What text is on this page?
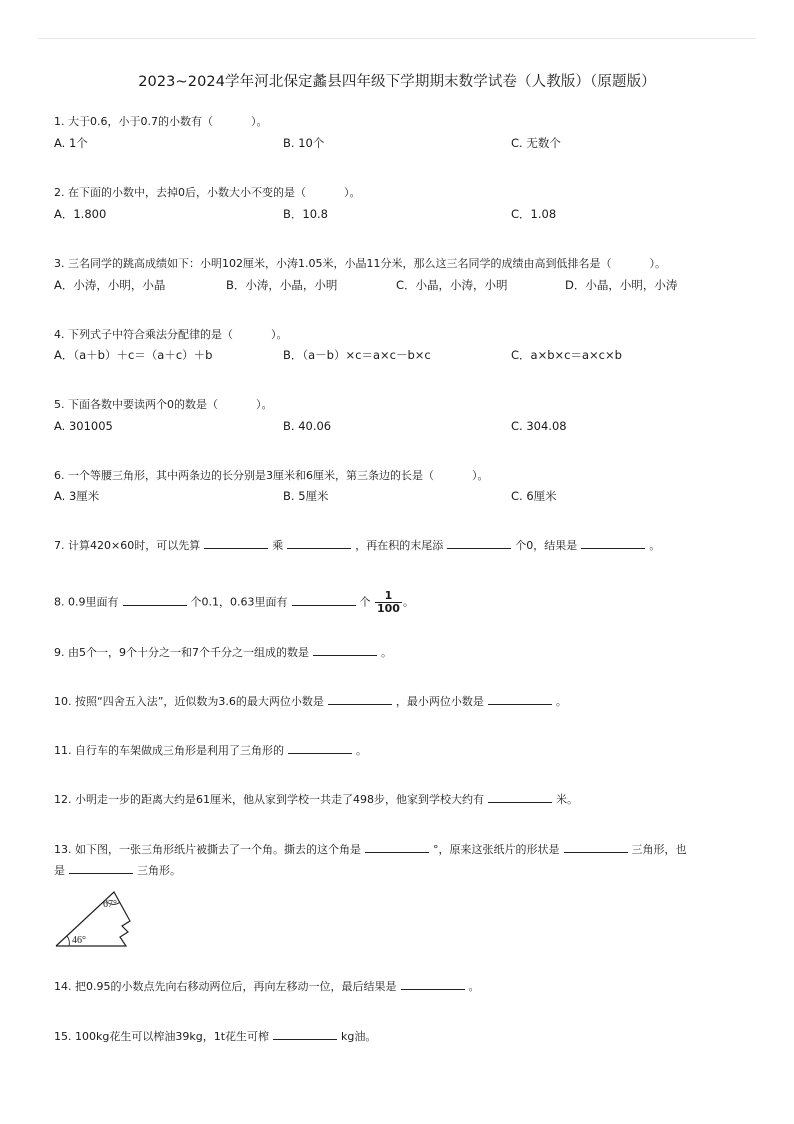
2023~2024学年河北保定蠡县四年级下学期期末数学试卷（人教版）（原题版）
1. 大于0.6，小于0.7的小数有（	）。
A. 1个	B. 10个	C. 无数个
2. 在下面的小数中，去掉0后，小数大小不变的是（	）。
A．1.800	B．10.8	C．1.08
3. 三名同学的跳高成绩如下：小明102厘米，小涛1.05米，小晶11分米，那么这三名同学的成绩由高到低排名是（	）。
A．小涛，小明，小晶	B．小涛，小晶，小明	C．小晶，小涛，小明	D．小晶，小明，小涛
4. 下列式子中符合乘法分配律的是（	）。
A．（a＋b）＋c＝（a＋c）＋b	B．（a－b）×c＝a×c－b×c	C．a×b×c＝a×c×b
5. 下面各数中要读两个0的数是（	）。
A. 301005	B. 40.06	C. 304.08
6. 一个等腰三角形，其中两条边的长分别是3厘米和6厘米，第三条边的长是（	）。
A. 3厘米	B. 5厘米	C. 6厘米
7. 计算420×60时，可以先算	乘	，再在积的末尾添	个0，结果是	。
8. 0.9里面有	个0.1，0.63里面有	个 $\frac{1}{100}$ 。
9. 由5个一，9个十分之一和7个千分之一组成的数是	。
10. 按照“四舍五入法”，近似数为3.6的最大两位小数是	，最小两位小数是	。
11. 自行车的车架做成三角形是利用了三角形的	。
12. 小明走一步的距离大约是61厘米，他从家到学校一共走了498步，他家到学校大约有	米。
13. 如下图，一张三角形纸片被撕去了一个角。撕去的这个角是	°，原来这张纸片的形状是	三角形，也
是	三角形。
67°
46°
14. 把0.95的小数点先向右移动两位后，再向左移动一位，最后结果是	。
15. 100kg花生可以榨油39kg，1t花生可榨	kg油。
